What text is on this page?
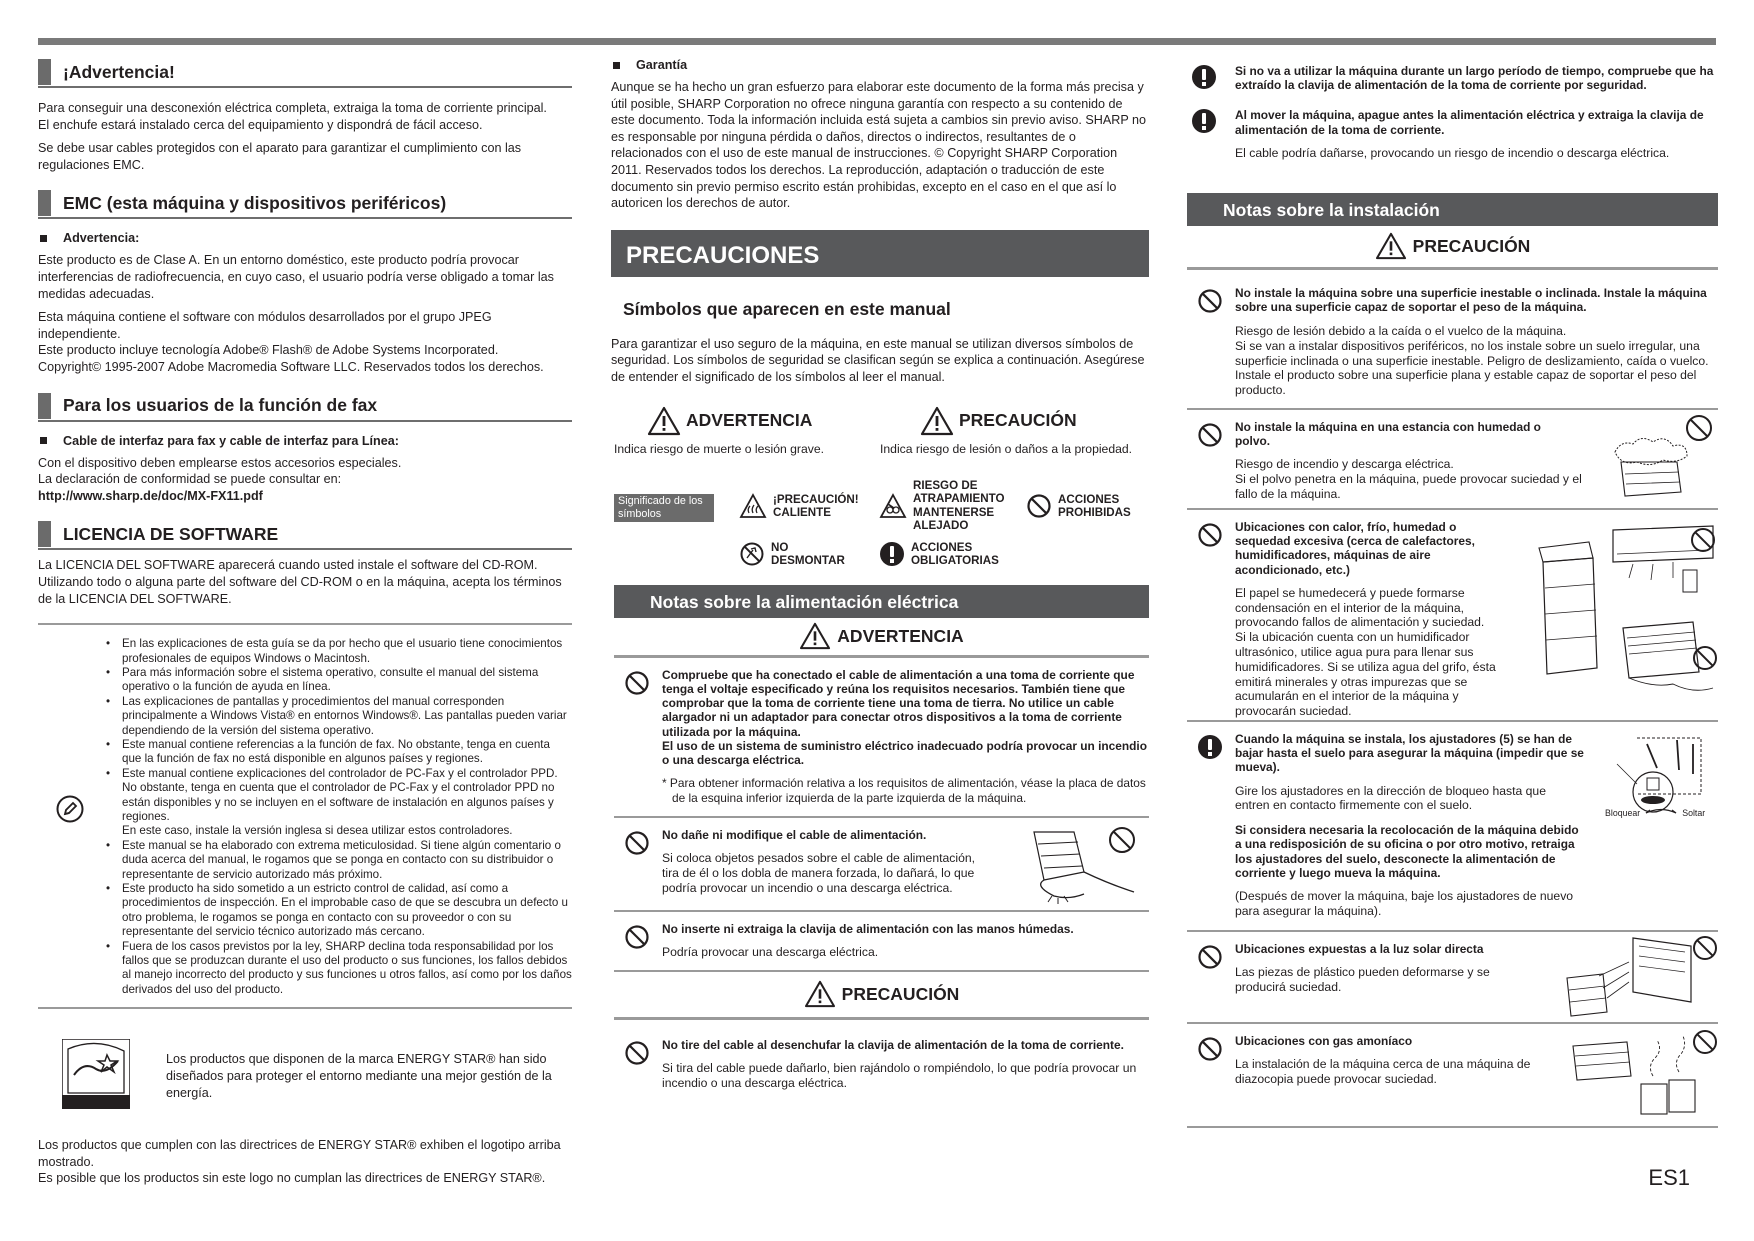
¡Advertencia!

Para conseguir una desconexión eléctrica completa, extraiga la toma de corriente principal.

El enchufe estará instalado cerca del equipamiento y dispondrá de fácil acceso.

Se debe usar cables protegidos con el aparato para garantizar el cumplimiento con las regulaciones EMC.

EMC (esta máquina y dispositivos periféricos)
Advertencia:

Este producto es de Clase A. En un entorno doméstico, este producto podría provocar interferencias de radiofrecuencia, en cuyo caso, el usuario podría verse obligado a tomar las medidas adecuadas.

Esta máquina contiene el software con módulos desarrollados por el grupo JPEG independiente.

Este producto incluye tecnología Adobe® Flash® de Adobe Systems Incorporated.

Copyright© 1995-2007 Adobe Macromedia Software LLC. Reservados todos los derechos.

Para los usuarios de la función de fax
Cable de interfaz para fax y cable de interfaz para Línea:

Con el dispositivo deben emplearse estos accesorios especiales.

La declaración de conformidad se puede consultar en:

http://www.sharp.de/doc/MX-FX11.pdf

LICENCIA DE SOFTWARE

La LICENCIA DEL SOFTWARE aparecerá cuando usted instale el software del CD-ROM. Utilizando todo o alguna parte del software del CD-ROM o en la máquina, acepta los términos de la LICENCIA DEL SOFTWARE.

• En las explicaciones de esta guía se da por hecho que el usuario tiene conocimientos profesionales de equipos Windows o Macintosh.
• Para más información sobre el sistema operativo, consulte el manual del sistema operativo o la función de ayuda en línea.
• Las explicaciones de pantallas y procedimientos del manual corresponden principalmente a Windows Vista® en entornos Windows®. Las pantallas pueden variar dependiendo de la versión del sistema operativo.
• Este manual contiene referencias a la función de fax. No obstante, tenga en cuenta que la función de fax no está disponible en algunos países y regiones.
• Este manual contiene explicaciones del controlador de PC-Fax y el controlador PPD. No obstante, tenga en cuenta que el controlador de PC-Fax y el controlador PPD no están disponibles y no se incluyen en el software de instalación en algunos países y regiones.
En este caso, instale la versión inglesa si desea utilizar estos controladores.
• Este manual se ha elaborado con extrema meticulosidad. Si tiene algún comentario o duda acerca del manual, le rogamos que se ponga en contacto con su distribuidor o representante de servicio autorizado más próximo.
• Este producto ha sido sometido a un estricto control de calidad, así como a procedimientos de inspección. En el improbable caso de que se descubra un defecto u otro problema, le rogamos se ponga en contacto con su proveedor o con su representante del servicio técnico autorizado más cercano.
• Fuera de los casos previstos por la ley, SHARP declina toda responsabilidad por los fallos que se produzcan durante el uso del producto o sus funciones, los fallos debidos al manejo incorrecto del producto y sus funciones u otros fallos, así como por los daños derivados del uso del producto.

Los productos que disponen de la marca ENERGY STAR® han sido diseñados para proteger el entorno mediante una mejor gestión de la energía.

Los productos que cumplen con las directrices de ENERGY STAR® exhiben el logotipo arriba mostrado.

Es posible que los productos sin este logo no cumplan las directrices de ENERGY STAR®.

ENERGY STAR
Garantía

Aunque se ha hecho un gran esfuerzo para elaborar este documento de la forma más precisa y útil posible, SHARP Corporation no ofrece ninguna garantía con respecto a su contenido de este documento. Toda la información incluida está sujeta a cambios sin previo aviso. SHARP no es responsable por ninguna pérdida o daños, directos o indirectos, resultantes de o relacionados con el uso de este manual de instrucciones. © Copyright SHARP Corporation 2011. Reservados todos los derechos. La reproducción, adaptación o traducción de este documento sin previo permiso escrito están prohibidas, excepto en el caso en el que así lo autoricen los derechos de autor.

PRECAUCIONES
Símbolos que aparecen en este manual

Para garantizar el uso seguro de la máquina, en este manual se utilizan diversos símbolos de seguridad. Los símbolos de seguridad se clasifican según se explica a continuación. Asegúrese de entender el significado de los símbolos al leer el manual.

ADVERTENCIA
Indica riesgo de muerte o lesión grave.
PRECAUCIÓN
Indica riesgo de lesión o daños a la propiedad.
Significado de los símbolos
¡PRECAUCIÓN! CALIENTE
RIESGO DE ATRAPAMIENTO MANTENERSE ALEJADO
ACCIONES PROHIBIDAS
NO DESMONTAR
ACCIONES OBLIGATORIAS
Notas sobre la alimentación eléctrica
ADVERTENCIA
Compruebe que ha conectado el cable de alimentación a una toma de corriente que tenga el voltaje especificado y reúna los requisitos necesarios. También tiene que comprobar que la toma de corriente tiene una toma de tierra. No utilice un cable alargador ni un adaptador para conectar otros dispositivos a la toma de corriente utilizada por la máquina.
El uso de un sistema de suministro eléctrico inadecuado podría provocar un incendio o una descarga eléctrica.
* Para obtener información relativa a los requisitos de alimentación, véase la placa de datos de la esquina inferior izquierda de la parte izquierda de la máquina.
No dañe ni modifique el cable de alimentación.
Si coloca objetos pesados sobre el cable de alimentación, tira de él o los dobla de manera forzada, lo dañará, lo que podría provocar un incendio o una descarga eléctrica.
No inserte ni extraiga la clavija de alimentación con las manos húmedas.
Podría provocar una descarga eléctrica.
PRECAUCIÓN
No tire del cable al desenchufar la clavija de alimentación de la toma de corriente.
Si tira del cable puede dañarlo, bien rajándolo o rompiéndolo, lo que podría provocar un incendio o una descarga eléctrica.
Si no va a utilizar la máquina durante un largo período de tiempo, compruebe que ha extraído la clavija de alimentación de la toma de corriente por seguridad.
Al mover la máquina, apague antes la alimentación eléctrica y extraiga la clavija de alimentación de la toma de corriente.
El cable podría dañarse, provocando un riesgo de incendio o descarga eléctrica.
Notas sobre la instalación
PRECAUCIÓN
No instale la máquina sobre una superficie inestable o inclinada. Instale la máquina sobre una superficie capaz de soportar el peso de la máquina.
Riesgo de lesión debido a la caída o el vuelco de la máquina.
Si se van a instalar dispositivos periféricos, no los instale sobre un suelo irregular, una superficie inclinada o una superficie inestable. Peligro de deslizamiento, caída o vuelco. Instale el producto sobre una superficie plana y estable capaz de soportar el peso del producto.
No instale la máquina en una estancia con humedad o polvo.
Riesgo de incendio y descarga eléctrica.
Si el polvo penetra en la máquina, puede provocar suciedad y el fallo de la máquina.
Ubicaciones con calor, frío, humedad o sequedad excesiva (cerca de calefactores, humidificadores, máquinas de aire acondicionado, etc.)
El papel se humedecerá y puede formarse condensación en el interior de la máquina, provocando fallos de alimentación y suciedad. Si la ubicación cuenta con un humidificador ultrasónico, utilice agua pura para llenar sus humidificadores. Si se utiliza agua del grifo, ésta emitirá minerales y otras impurezas que se acumularán en el interior de la máquina y provocarán suciedad.
Cuando la máquina se instala, los ajustadores (5) se han de bajar hasta el suelo para asegurar la máquina (impedir que se mueva).
Gire los ajustadores en la dirección de bloqueo hasta que entren en contacto firmemente con el suelo.
Si considera necesaria la recolocación de la máquina debido a una redisposición de su oficina o por otro motivo, retraiga los ajustadores del suelo, desconecte la alimentación de corriente y luego mueva la máquina.
(Después de mover la máquina, baje los ajustadores de nuevo para asegurar la máquina).
Bloquear	Soltar
Ubicaciones expuestas a la luz solar directa
Las piezas de plástico pueden deformarse y se producirá suciedad.
Ubicaciones con gas amoníaco
La instalación de la máquina cerca de una máquina de diazocopia puede provocar suciedad.
ES1
